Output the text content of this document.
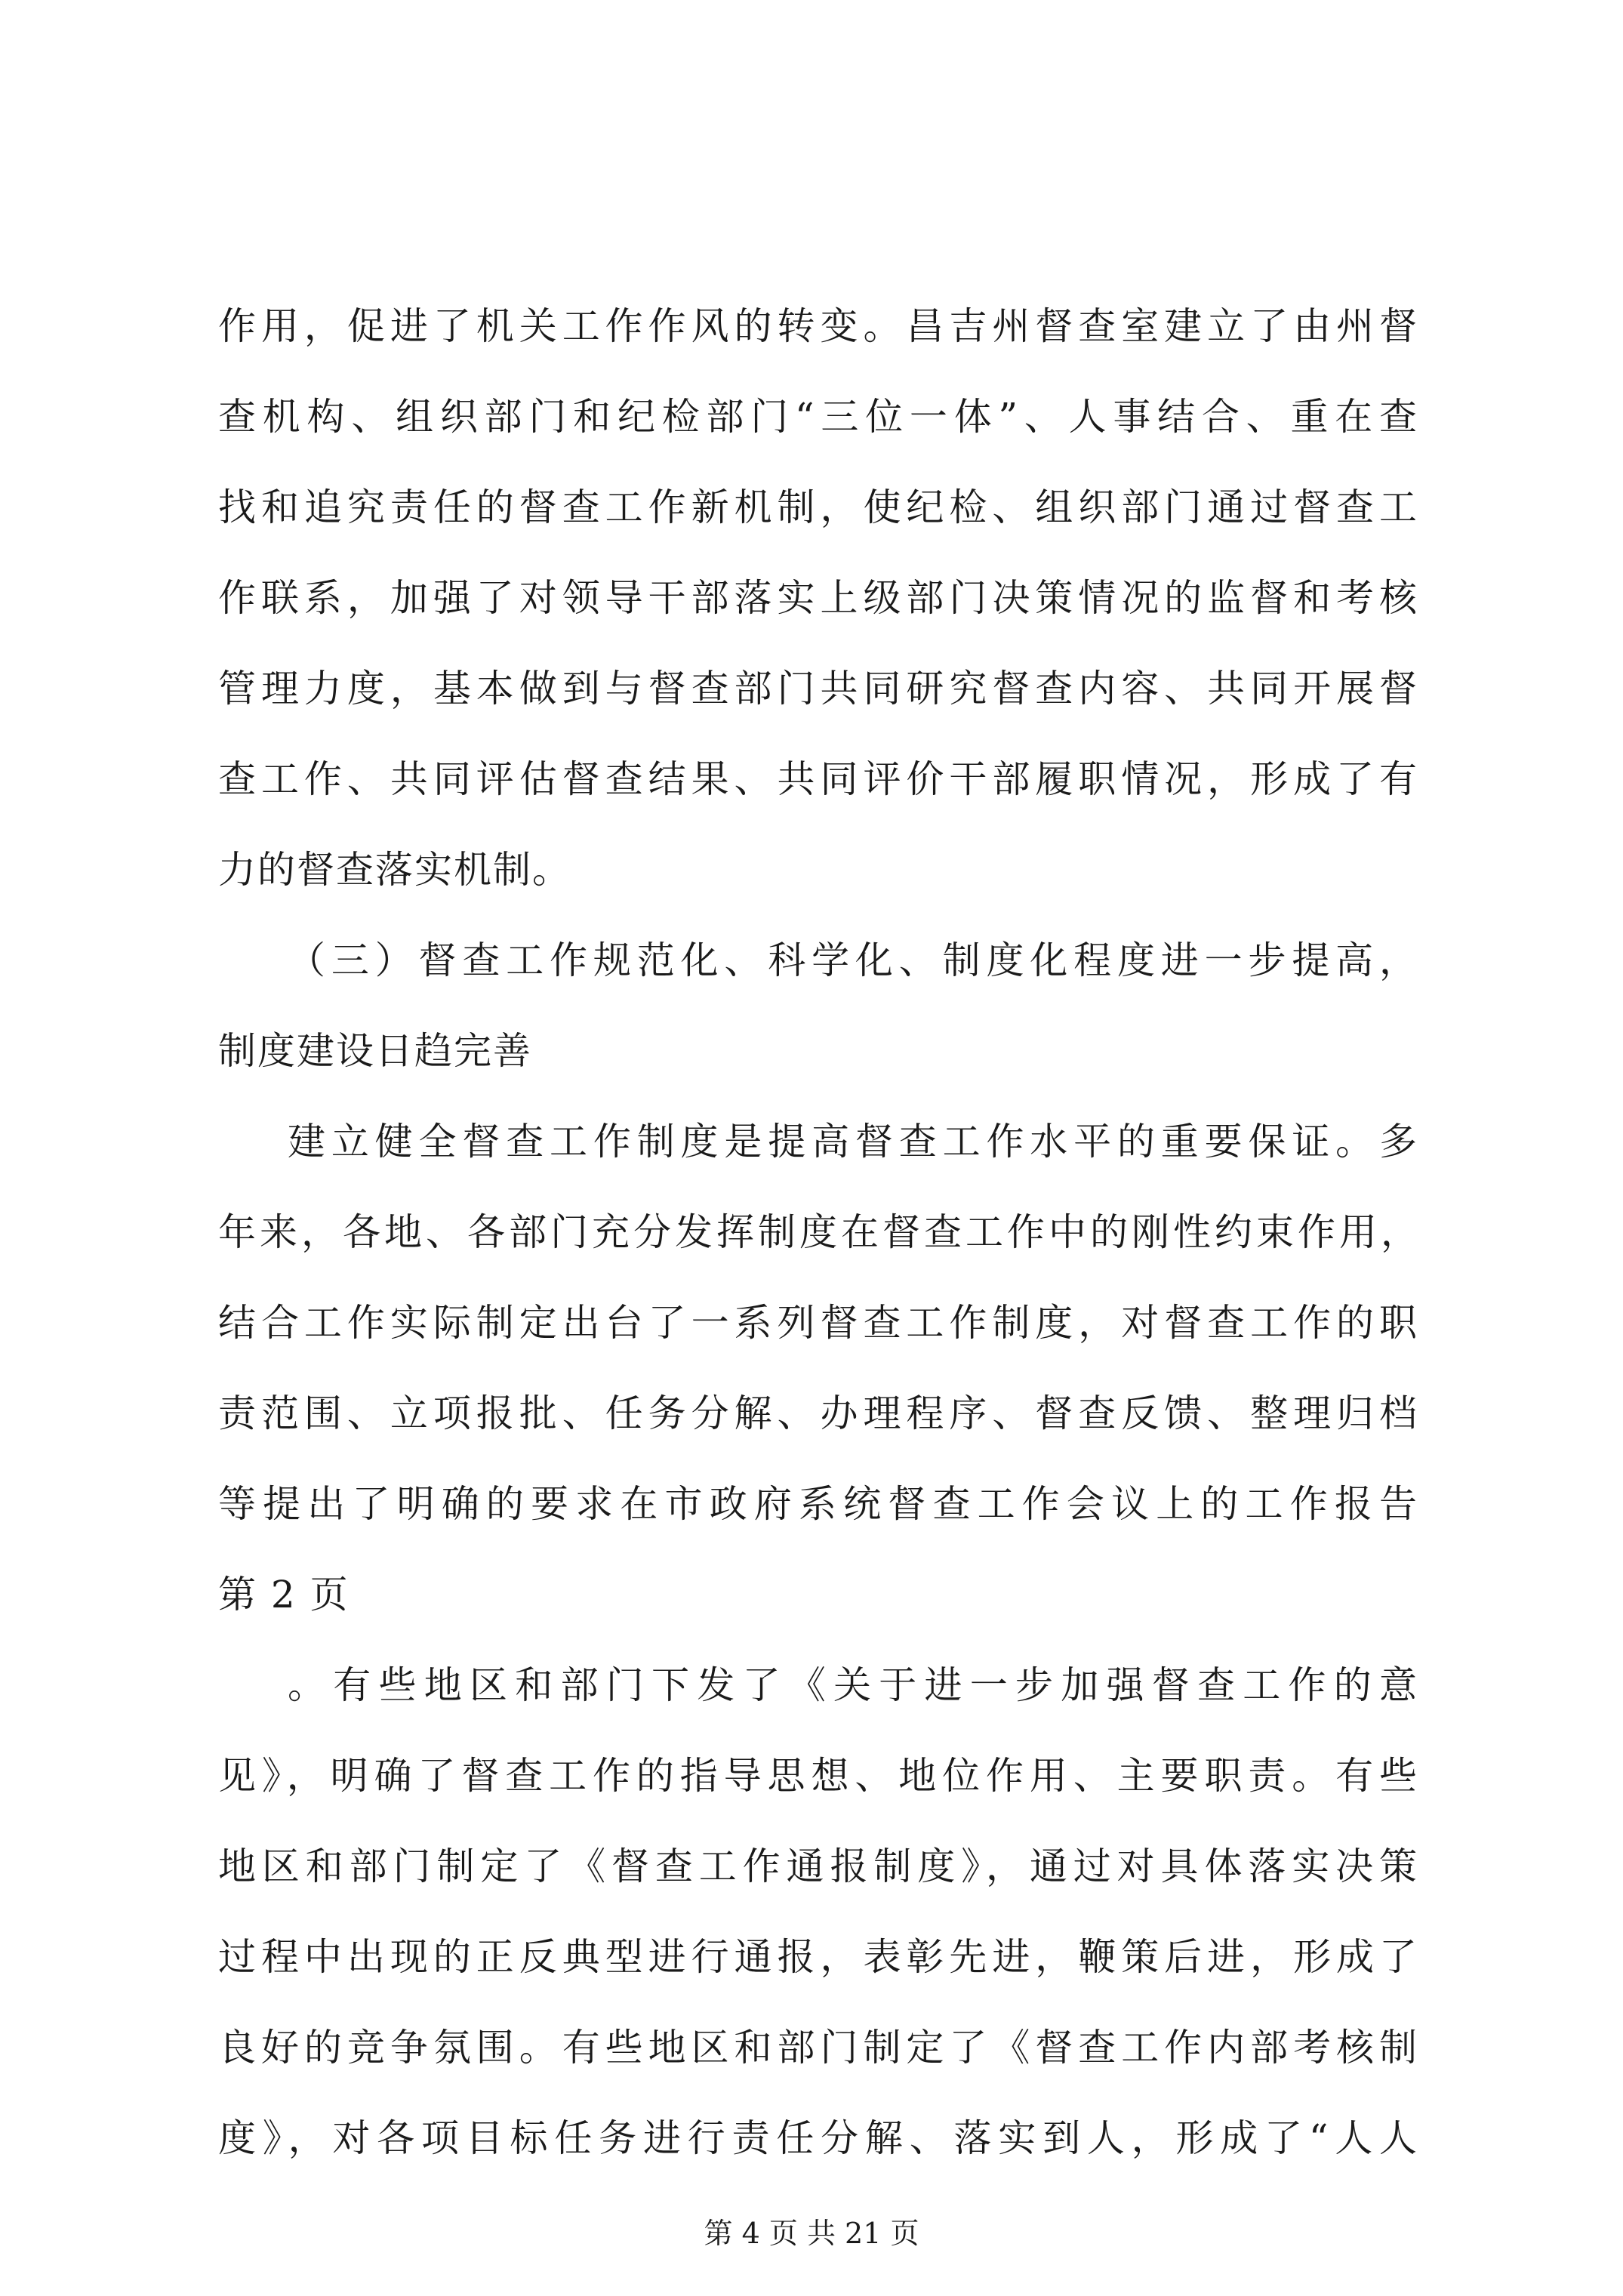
作用，促进了机关工作作风的转变。昌吉州督查室建立了由州督
查机构、组织部门和纪检部门“三位一体”、人事结合、重在查
找和追究责任的督查工作新机制，使纪检、组织部门通过督查工
作联系，加强了对领导干部落实上级部门决策情况的监督和考核
管理力度，基本做到与督查部门共同研究督查内容、共同开展督
查工作、共同评估督查结果、共同评价干部履职情况，形成了有
力的督查落实机制。
（三）督查工作规范化、科学化、制度化程度进一步提高，
制度建设日趋完善
建立健全督查工作制度是提高督查工作水平的重要保证。多
年来，各地、各部门充分发挥制度在督查工作中的刚性约束作用，
结合工作实际制定出台了一系列督查工作制度，对督查工作的职
责范围、立项报批、任务分解、办理程序、督查反馈、整理归档
等提出了明确的要求在市政府系统督查工作会议上的工作报告
第 2 页
。有些地区和部门下发了《关于进一步加强督查工作的意
见》，明确了督查工作的指导思想、地位作用、主要职责。有些
地区和部门制定了《督查工作通报制度》，通过对具体落实决策
过程中出现的正反典型进行通报，表彰先进，鞭策后进，形成了
良好的竞争氛围。有些地区和部门制定了《督查工作内部考核制
度》，对各项目标任务进行责任分解、落实到人，形成了“人人
第 4 页 共 21 页
